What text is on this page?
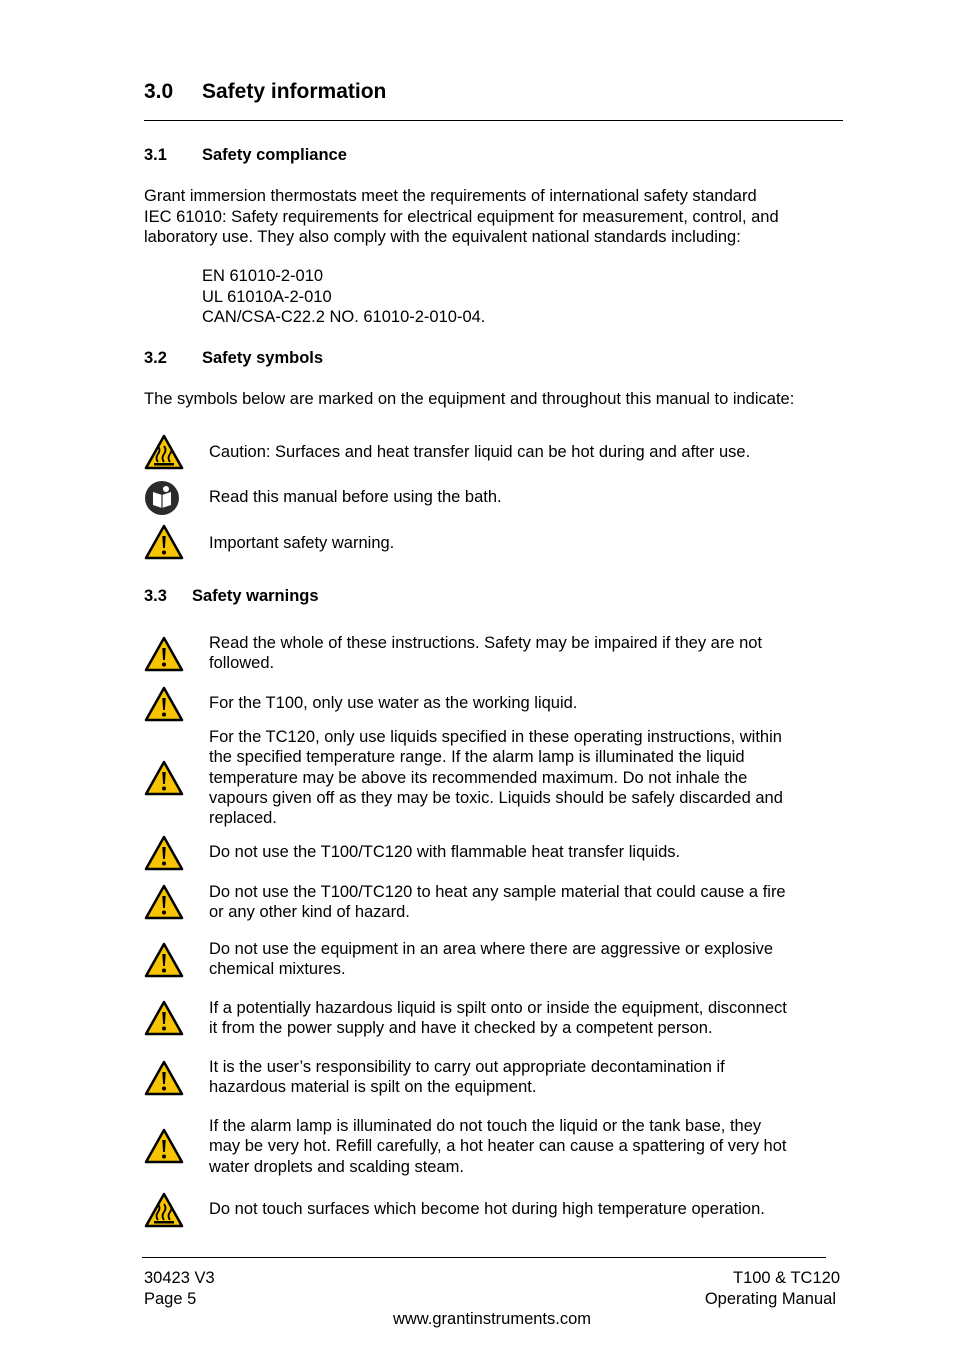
3.0 Safety information
3.1 Safety compliance
Grant immersion thermostats meet the requirements of international safety standard
IEC 61010: Safety requirements for electrical equipment for measurement, control, and
laboratory use. They also comply with the equivalent national standards including:
EN 61010-2-010
UL 61010A-2-010
CAN/CSA-C22.2 NO. 61010-2-010-04.
3.2 Safety symbols
The symbols below are marked on the equipment and throughout this manual to indicate:
Caution: Surfaces and heat transfer liquid can be hot during and after use.
Read this manual before using the bath.
Important safety warning.
3.3 Safety warnings
Read the whole of these instructions. Safety may be impaired if they are not
followed.
For the T100, only use water as the working liquid.
For the TC120, only use liquids specified in these operating instructions, within
the specified temperature range. If the alarm lamp is illuminated the liquid
temperature may be above its recommended maximum. Do not inhale the
vapours given off as they may be toxic. Liquids should be safely discarded and
replaced.
Do not use the T100/TC120 with flammable heat transfer liquids.
Do not use the T100/TC120 to heat any sample material that could cause a fire
or any other kind of hazard.
Do not use the equipment in an area where there are aggressive or explosive
chemical mixtures.
If a potentially hazardous liquid is spilt onto or inside the equipment, disconnect
it from the power supply and have it checked by a competent person.
It is the user’s responsibility to carry out appropriate decontamination if
hazardous material is spilt on the equipment.
If the alarm lamp is illuminated do not touch the liquid or the tank base, they
may be very hot. Refill carefully, a hot heater can cause a spattering of very hot
water droplets and scalding steam.
Do not touch surfaces which become hot during high temperature operation.
30423 V3
Page 5
T100 & TC120
Operating Manual
www.grantinstruments.com
